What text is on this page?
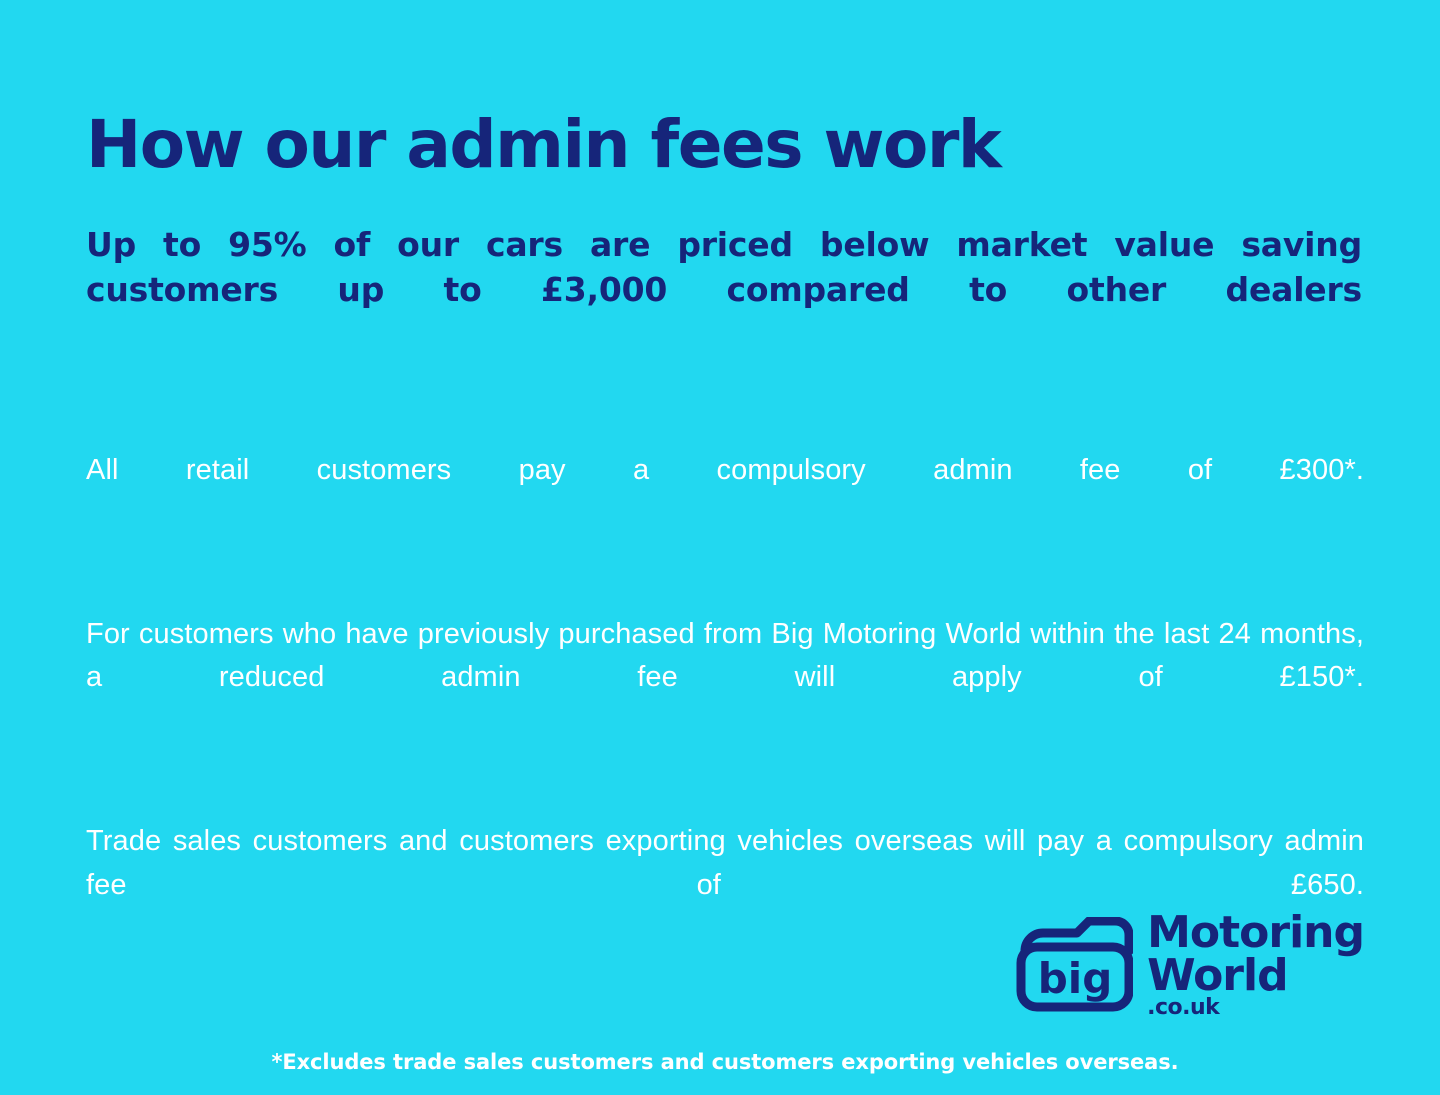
How our admin fees work

Up to 95% of our cars are priced below market value saving customers up to £3,000 compared to other dealers

All retail customers pay a compulsory admin fee of £300*.

For customers who have previously purchased from Big Motoring World within the last 24 months, a reduced admin fee will apply of £150*.

Trade sales customers and customers exporting vehicles overseas will pay a compulsory admin fee of £650.

*Excludes trade sales customers and customers exporting vehicles overseas.

big
Motoring
World
.co.uk
